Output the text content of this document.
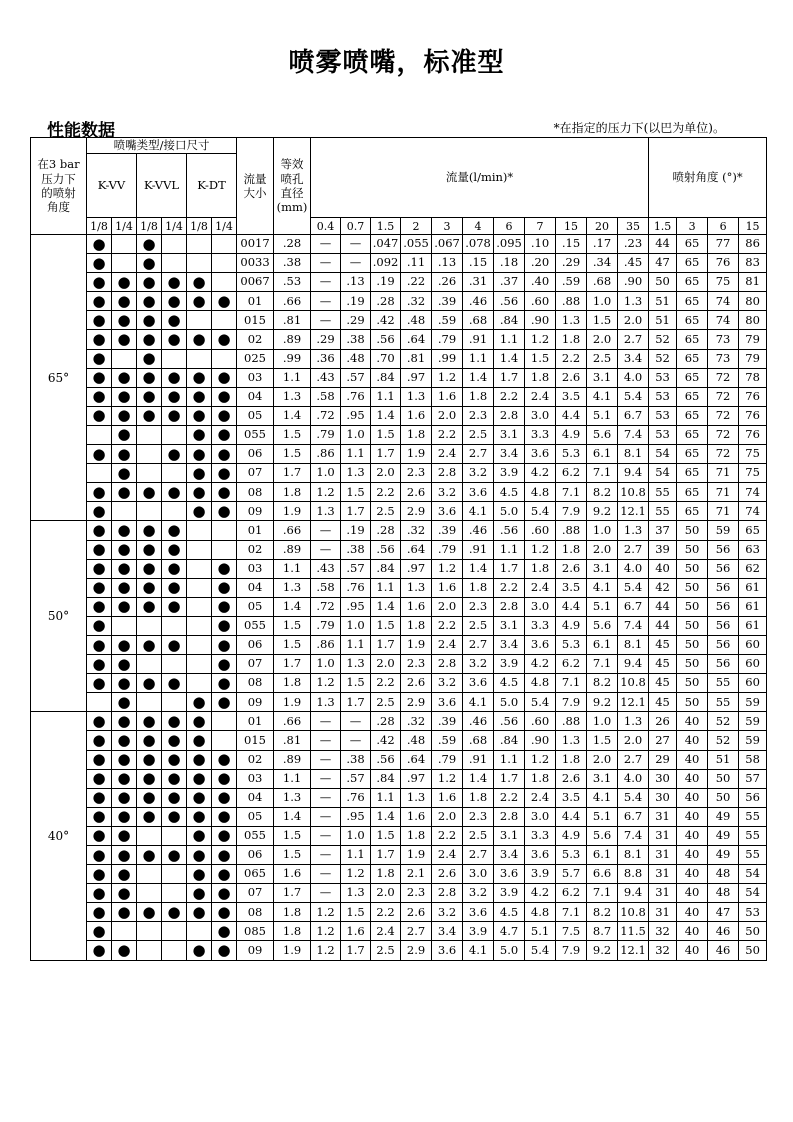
喷雾喷嘴，标准型
性能数据	*在指定的压力下(以巴为单位)。
在3 bar
压力下
的喷射
角度	喷嘴类型/接口尺寸						流量
大小	等效
喷孔
直径
(mm)	流量(l/min)*											喷射角度 (°)*			
	K-VV		K-VVL		K-DT																		
	1/8	1/4	1/8	1/4	1/8	1/4			0.4	0.7	1.5	2	3	4	6	7	15	20	35	1.5	3	6	15
65°	●		●				0017	.28	—	—	.047	.055	.067	.078	.095	.10	.15	.17	.23	44	65	77	86
	●		●				0033	.38	—	—	.092	.11	.13	.15	.18	.20	.29	.34	.45	47	65	76	83
	●	●	●	●	●		0067	.53	—	.13	.19	.22	.26	.31	.37	.40	.59	.68	.90	50	65	75	81
	●	●	●	●	●	●	01	.66	—	.19	.28	.32	.39	.46	.56	.60	.88	1.0	1.3	51	65	74	80
	●	●	●	●			015	.81	—	.29	.42	.48	.59	.68	.84	.90	1.3	1.5	2.0	51	65	74	80
	●	●	●	●	●	●	02	.89	.29	.38	.56	.64	.79	.91	1.1	1.2	1.8	2.0	2.7	52	65	73	79
	●		●				025	.99	.36	.48	.70	.81	.99	1.1	1.4	1.5	2.2	2.5	3.4	52	65	73	79
	●	●	●	●	●	●	03	1.1	.43	.57	.84	.97	1.2	1.4	1.7	1.8	2.6	3.1	4.0	53	65	72	78
	●	●	●	●	●	●	04	1.3	.58	.76	1.1	1.3	1.6	1.8	2.2	2.4	3.5	4.1	5.4	53	65	72	76
	●	●	●	●	●	●	05	1.4	.72	.95	1.4	1.6	2.0	2.3	2.8	3.0	4.4	5.1	6.7	53	65	72	76
		●			●	●	055	1.5	.79	1.0	1.5	1.8	2.2	2.5	3.1	3.3	4.9	5.6	7.4	53	65	72	76
	●	●		●	●	●	06	1.5	.86	1.1	1.7	1.9	2.4	2.7	3.4	3.6	5.3	6.1	8.1	54	65	72	75
		●			●	●	07	1.7	1.0	1.3	2.0	2.3	2.8	3.2	3.9	4.2	6.2	7.1	9.4	54	65	71	75
	●	●	●	●	●	●	08	1.8	1.2	1.5	2.2	2.6	3.2	3.6	4.5	4.8	7.1	8.2	10.8	55	65	71	74
	●				●	●	09	1.9	1.3	1.7	2.5	2.9	3.6	4.1	5.0	5.4	7.9	9.2	12.1	55	65	71	74
50°	●	●	●	●			01	.66	—	.19	.28	.32	.39	.46	.56	.60	.88	1.0	1.3	37	50	59	65
	●	●	●	●			02	.89	—	.38	.56	.64	.79	.91	1.1	1.2	1.8	2.0	2.7	39	50	56	63
	●	●	●	●		●	03	1.1	.43	.57	.84	.97	1.2	1.4	1.7	1.8	2.6	3.1	4.0	40	50	56	62
	●	●	●	●		●	04	1.3	.58	.76	1.1	1.3	1.6	1.8	2.2	2.4	3.5	4.1	5.4	42	50	56	61
	●	●	●	●		●	05	1.4	.72	.95	1.4	1.6	2.0	2.3	2.8	3.0	4.4	5.1	6.7	44	50	56	61
	●					●	055	1.5	.79	1.0	1.5	1.8	2.2	2.5	3.1	3.3	4.9	5.6	7.4	44	50	56	61
	●	●	●	●		●	06	1.5	.86	1.1	1.7	1.9	2.4	2.7	3.4	3.6	5.3	6.1	8.1	45	50	56	60
	●	●				●	07	1.7	1.0	1.3	2.0	2.3	2.8	3.2	3.9	4.2	6.2	7.1	9.4	45	50	56	60
	●	●	●	●		●	08	1.8	1.2	1.5	2.2	2.6	3.2	3.6	4.5	4.8	7.1	8.2	10.8	45	50	55	60
		●			●	●	09	1.9	1.3	1.7	2.5	2.9	3.6	4.1	5.0	5.4	7.9	9.2	12.1	45	50	55	59
40°	●	●	●	●	●		01	.66	—	—	.28	.32	.39	.46	.56	.60	.88	1.0	1.3	26	40	52	59
	●	●	●	●	●		015	.81	—	—	.42	.48	.59	.68	.84	.90	1.3	1.5	2.0	27	40	52	59
	●	●	●	●	●	●	02	.89	—	.38	.56	.64	.79	.91	1.1	1.2	1.8	2.0	2.7	29	40	51	58
	●	●	●	●	●	●	03	1.1	—	.57	.84	.97	1.2	1.4	1.7	1.8	2.6	3.1	4.0	30	40	50	57
	●	●	●	●	●	●	04	1.3	—	.76	1.1	1.3	1.6	1.8	2.2	2.4	3.5	4.1	5.4	30	40	50	56
	●	●	●	●	●	●	05	1.4	—	.95	1.4	1.6	2.0	2.3	2.8	3.0	4.4	5.1	6.7	31	40	49	55
	●	●			●	●	055	1.5	—	1.0	1.5	1.8	2.2	2.5	3.1	3.3	4.9	5.6	7.4	31	40	49	55
	●	●	●	●	●	●	06	1.5	—	1.1	1.7	1.9	2.4	2.7	3.4	3.6	5.3	6.1	8.1	31	40	49	55
	●	●			●	●	065	1.6	—	1.2	1.8	2.1	2.6	3.0	3.6	3.9	5.7	6.6	8.8	31	40	48	54
	●	●			●	●	07	1.7	—	1.3	2.0	2.3	2.8	3.2	3.9	4.2	6.2	7.1	9.4	31	40	48	54
	●	●	●	●	●	●	08	1.8	1.2	1.5	2.2	2.6	3.2	3.6	4.5	4.8	7.1	8.2	10.8	31	40	47	53
	●					●	085	1.8	1.2	1.6	2.4	2.7	3.4	3.9	4.7	5.1	7.5	8.7	11.5	32	40	46	50
	●	●			●	●	09	1.9	1.2	1.7	2.5	2.9	3.6	4.1	5.0	5.4	7.9	9.2	12.1	32	40	46	50
